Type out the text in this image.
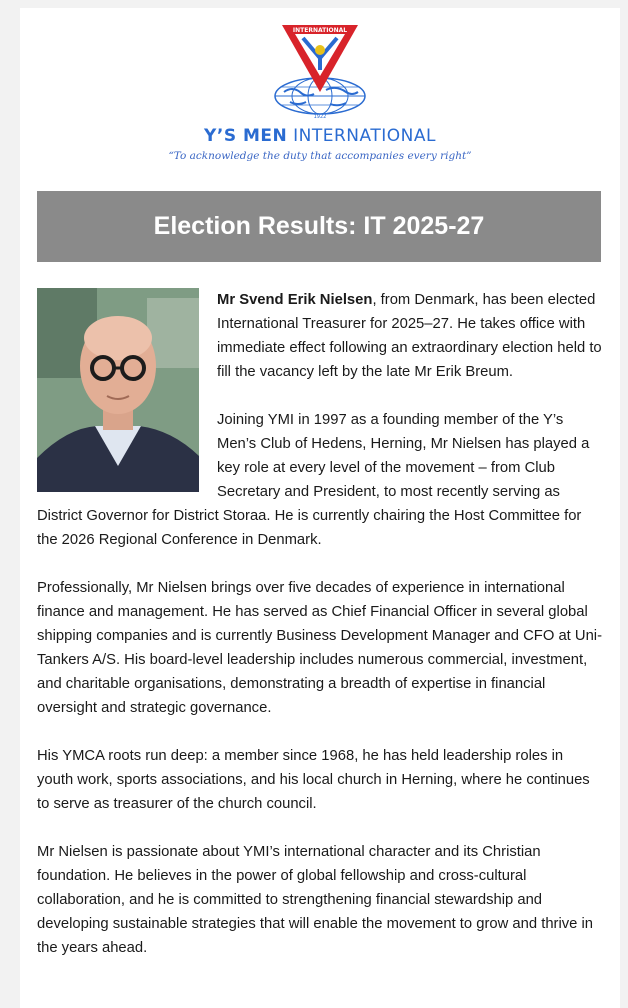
INTERNATIONAL
1922
Y’S MEN INTERNATIONAL
“To acknowledge the duty that accompanies every right”
Election Results: IT 2025-27

Mr Svend Erik Nielsen, from Denmark, has been elected International Treasurer for 2025–27. He takes office with immediate effect following an extraordinary election held to fill the vacancy left by the late Mr Erik Breum.

Joining YMI in 1997 as a founding member of the Y’s Men’s Club of Hedens, Herning, Mr Nielsen has played a key role at every level of the movement – from Club Secretary and President, to most recently serving as District Governor for District Storaa. He is currently chairing the Host Committee for the 2026 Regional Conference in Denmark.

Professionally, Mr Nielsen brings over five decades of experience in international finance and management. He has served as Chief Financial Officer in several global shipping companies and is currently Business Development Manager and CFO at Uni-Tankers A/S. His board-level leadership includes numerous commercial, investment, and charitable organisations, demonstrating a breadth of expertise in financial oversight and strategic governance.

His YMCA roots run deep: a member since 1968, he has held leadership roles in youth work, sports associations, and his local church in Herning, where he continues to serve as treasurer of the church council.

Mr Nielsen is passionate about YMI’s international character and its Christian foundation. He believes in the power of global fellowship and cross-cultural collaboration, and he is committed to strengthening financial stewardship and developing sustainable strategies that will enable the movement to grow and thrive in the years ahead.
